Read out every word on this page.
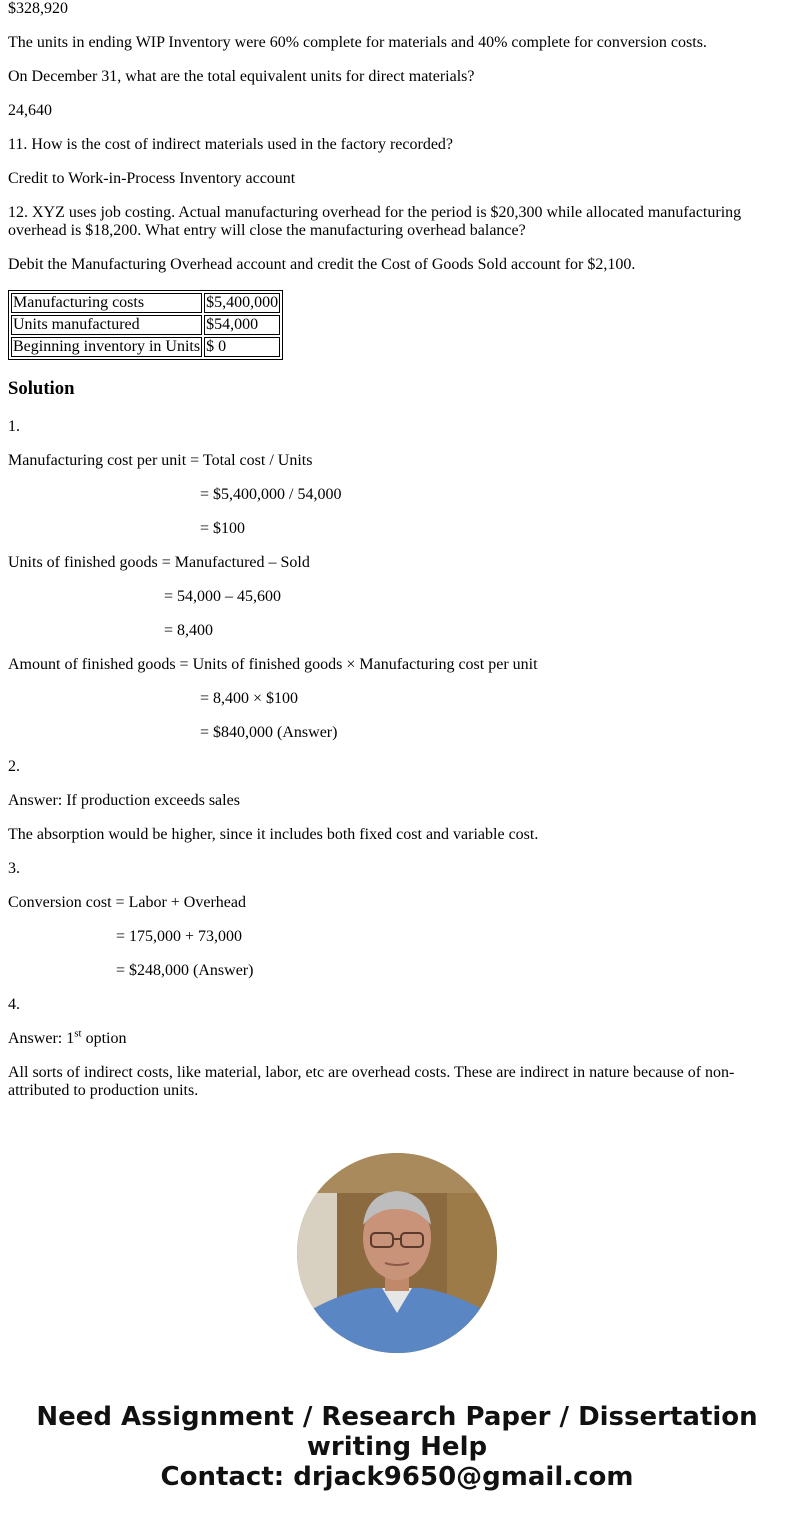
$328,920

The units in ending WIP Inventory were 60% complete for materials and 40% complete for conversion costs.

On December 31, what are the total equivalent units for direct materials?

24,640

11. How is the cost of indirect materials used in the factory recorded?

Credit to Work-in-Process Inventory account

12. XYZ uses job costing. Actual manufacturing overhead for the period is $20,300 while allocated manufacturing overhead is $18,200. What entry will close the manufacturing overhead balance?

Debit the Manufacturing Overhead account and credit the Cost of Goods Sold account for $2,100.

Manufacturing costs	$5,400,000
Units manufactured	$54,000
Beginning inventory in Units	$ 0
Solution

1.

Manufacturing cost per unit = Total cost / Units

= $5,400,000 / 54,000

= $100

Units of finished goods = Manufactured – Sold

= 54,000 – 45,600

= 8,400

Amount of finished goods = Units of finished goods × Manufacturing cost per unit

= 8,400 × $100

= $840,000 (Answer)

2.

Answer: If production exceeds sales

The absorption would be higher, since it includes both fixed cost and variable cost.

3.

Conversion cost = Labor + Overhead

= 175,000 + 73,000

= $248,000 (Answer)

4.

Answer: 1st option

All sorts of indirect costs, like material, labor, etc are overhead costs. These are indirect in nature because of non-attributed to production units.

Need Assignment / Research Paper / Dissertation
writing Help
Contact: drjack9650@gmail.com
